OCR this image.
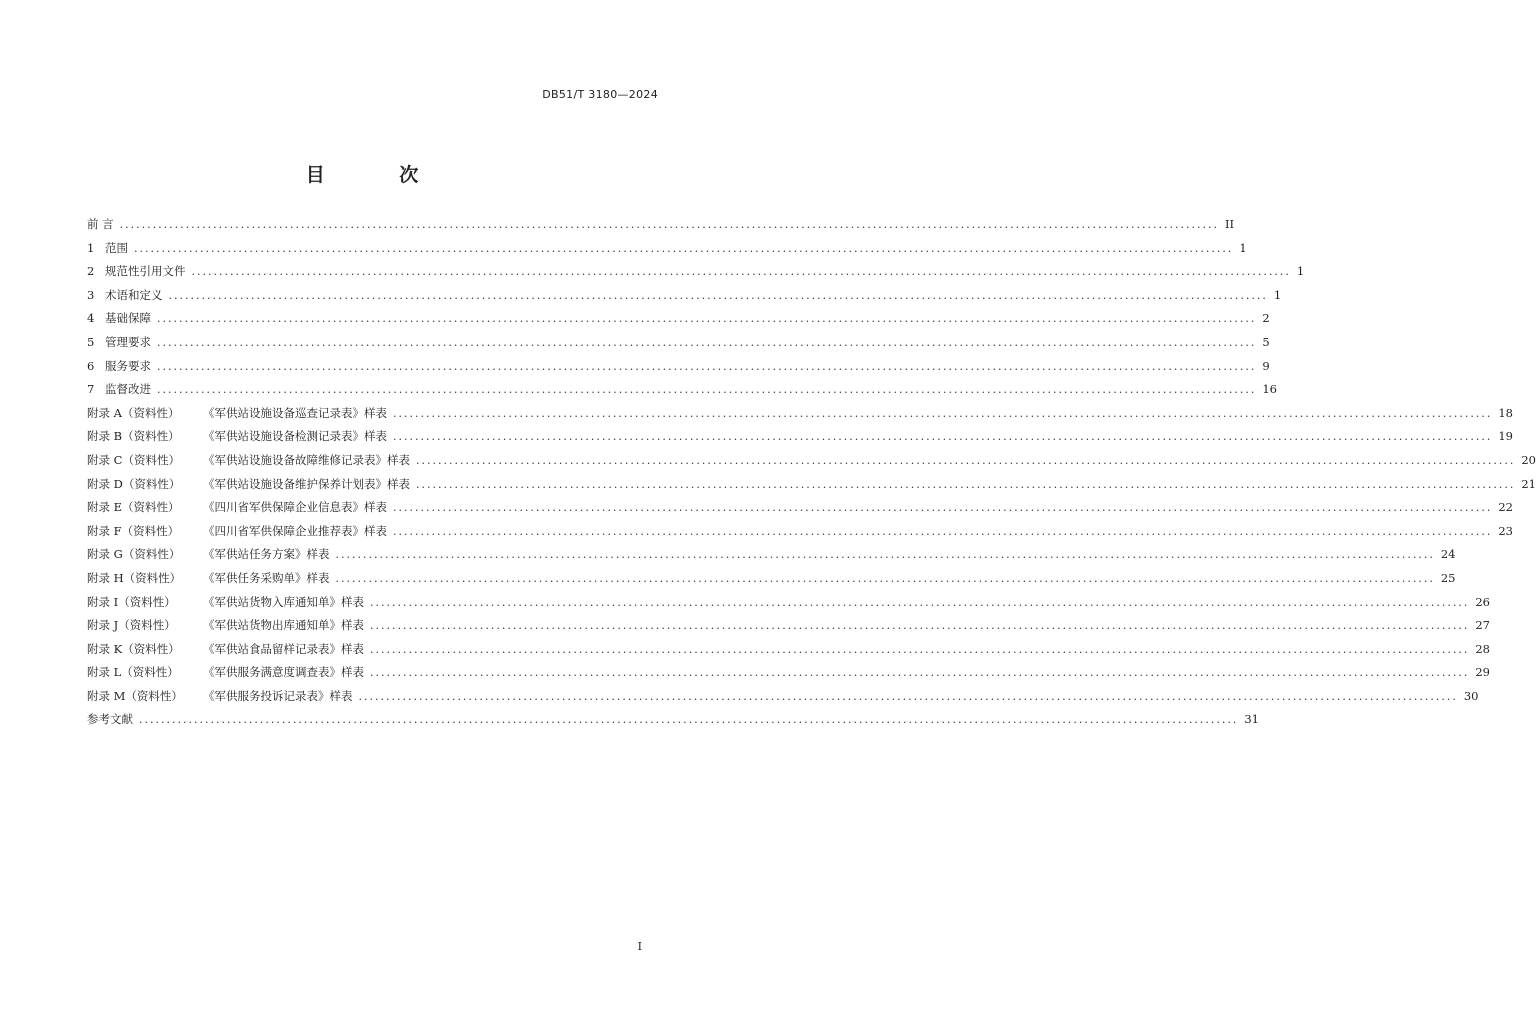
DB51/T 3180—2024
目 次
前 言 ........................................................................................................................................................................................................ II
1 范围 ........................................................................................................................................................................................................ 1
2 规范性引用文件 ........................................................................................................................................................................................................ 1
3 术语和定义 ........................................................................................................................................................................................................ 1
4 基础保障 ........................................................................................................................................................................................................ 2
5 管理要求 ........................................................................................................................................................................................................ 5
6 服务要求 ........................................................................................................................................................................................................ 9
7 监督改进 ........................................................................................................................................................................................................ 16
附录 A（资料性）	《军供站设施设备巡查记录表》样表 ........................................................................................................................................................................................................ 18
附录 B（资料性）	《军供站设施设备检测记录表》样表 ........................................................................................................................................................................................................ 19
附录 C（资料性）	《军供站设施设备故障维修记录表》样表 ........................................................................................................................................................................................................ 20
附录 D（资料性）	《军供站设施设备维护保养计划表》样表 ........................................................................................................................................................................................................ 21
附录 E（资料性）	《四川省军供保障企业信息表》样表 ........................................................................................................................................................................................................ 22
附录 F（资料性）	《四川省军供保障企业推荐表》样表 ........................................................................................................................................................................................................ 23
附录 G（资料性）	《军供站任务方案》样表 ........................................................................................................................................................................................................ 24
附录 H（资料性）	《军供任务采购单》样表 ........................................................................................................................................................................................................ 25
附录 I（资料性）	《军供站货物入库通知单》样表 ........................................................................................................................................................................................................ 26
附录 J（资料性）	《军供站货物出库通知单》样表 ........................................................................................................................................................................................................ 27
附录 K（资料性）	《军供站食品留样记录表》样表 ........................................................................................................................................................................................................ 28
附录 L（资料性）	《军供服务满意度调查表》样表 ........................................................................................................................................................................................................ 29
附录 M（资料性）	《军供服务投诉记录表》样表 ........................................................................................................................................................................................................ 30
参考文献 ........................................................................................................................................................................................................ 31
I
